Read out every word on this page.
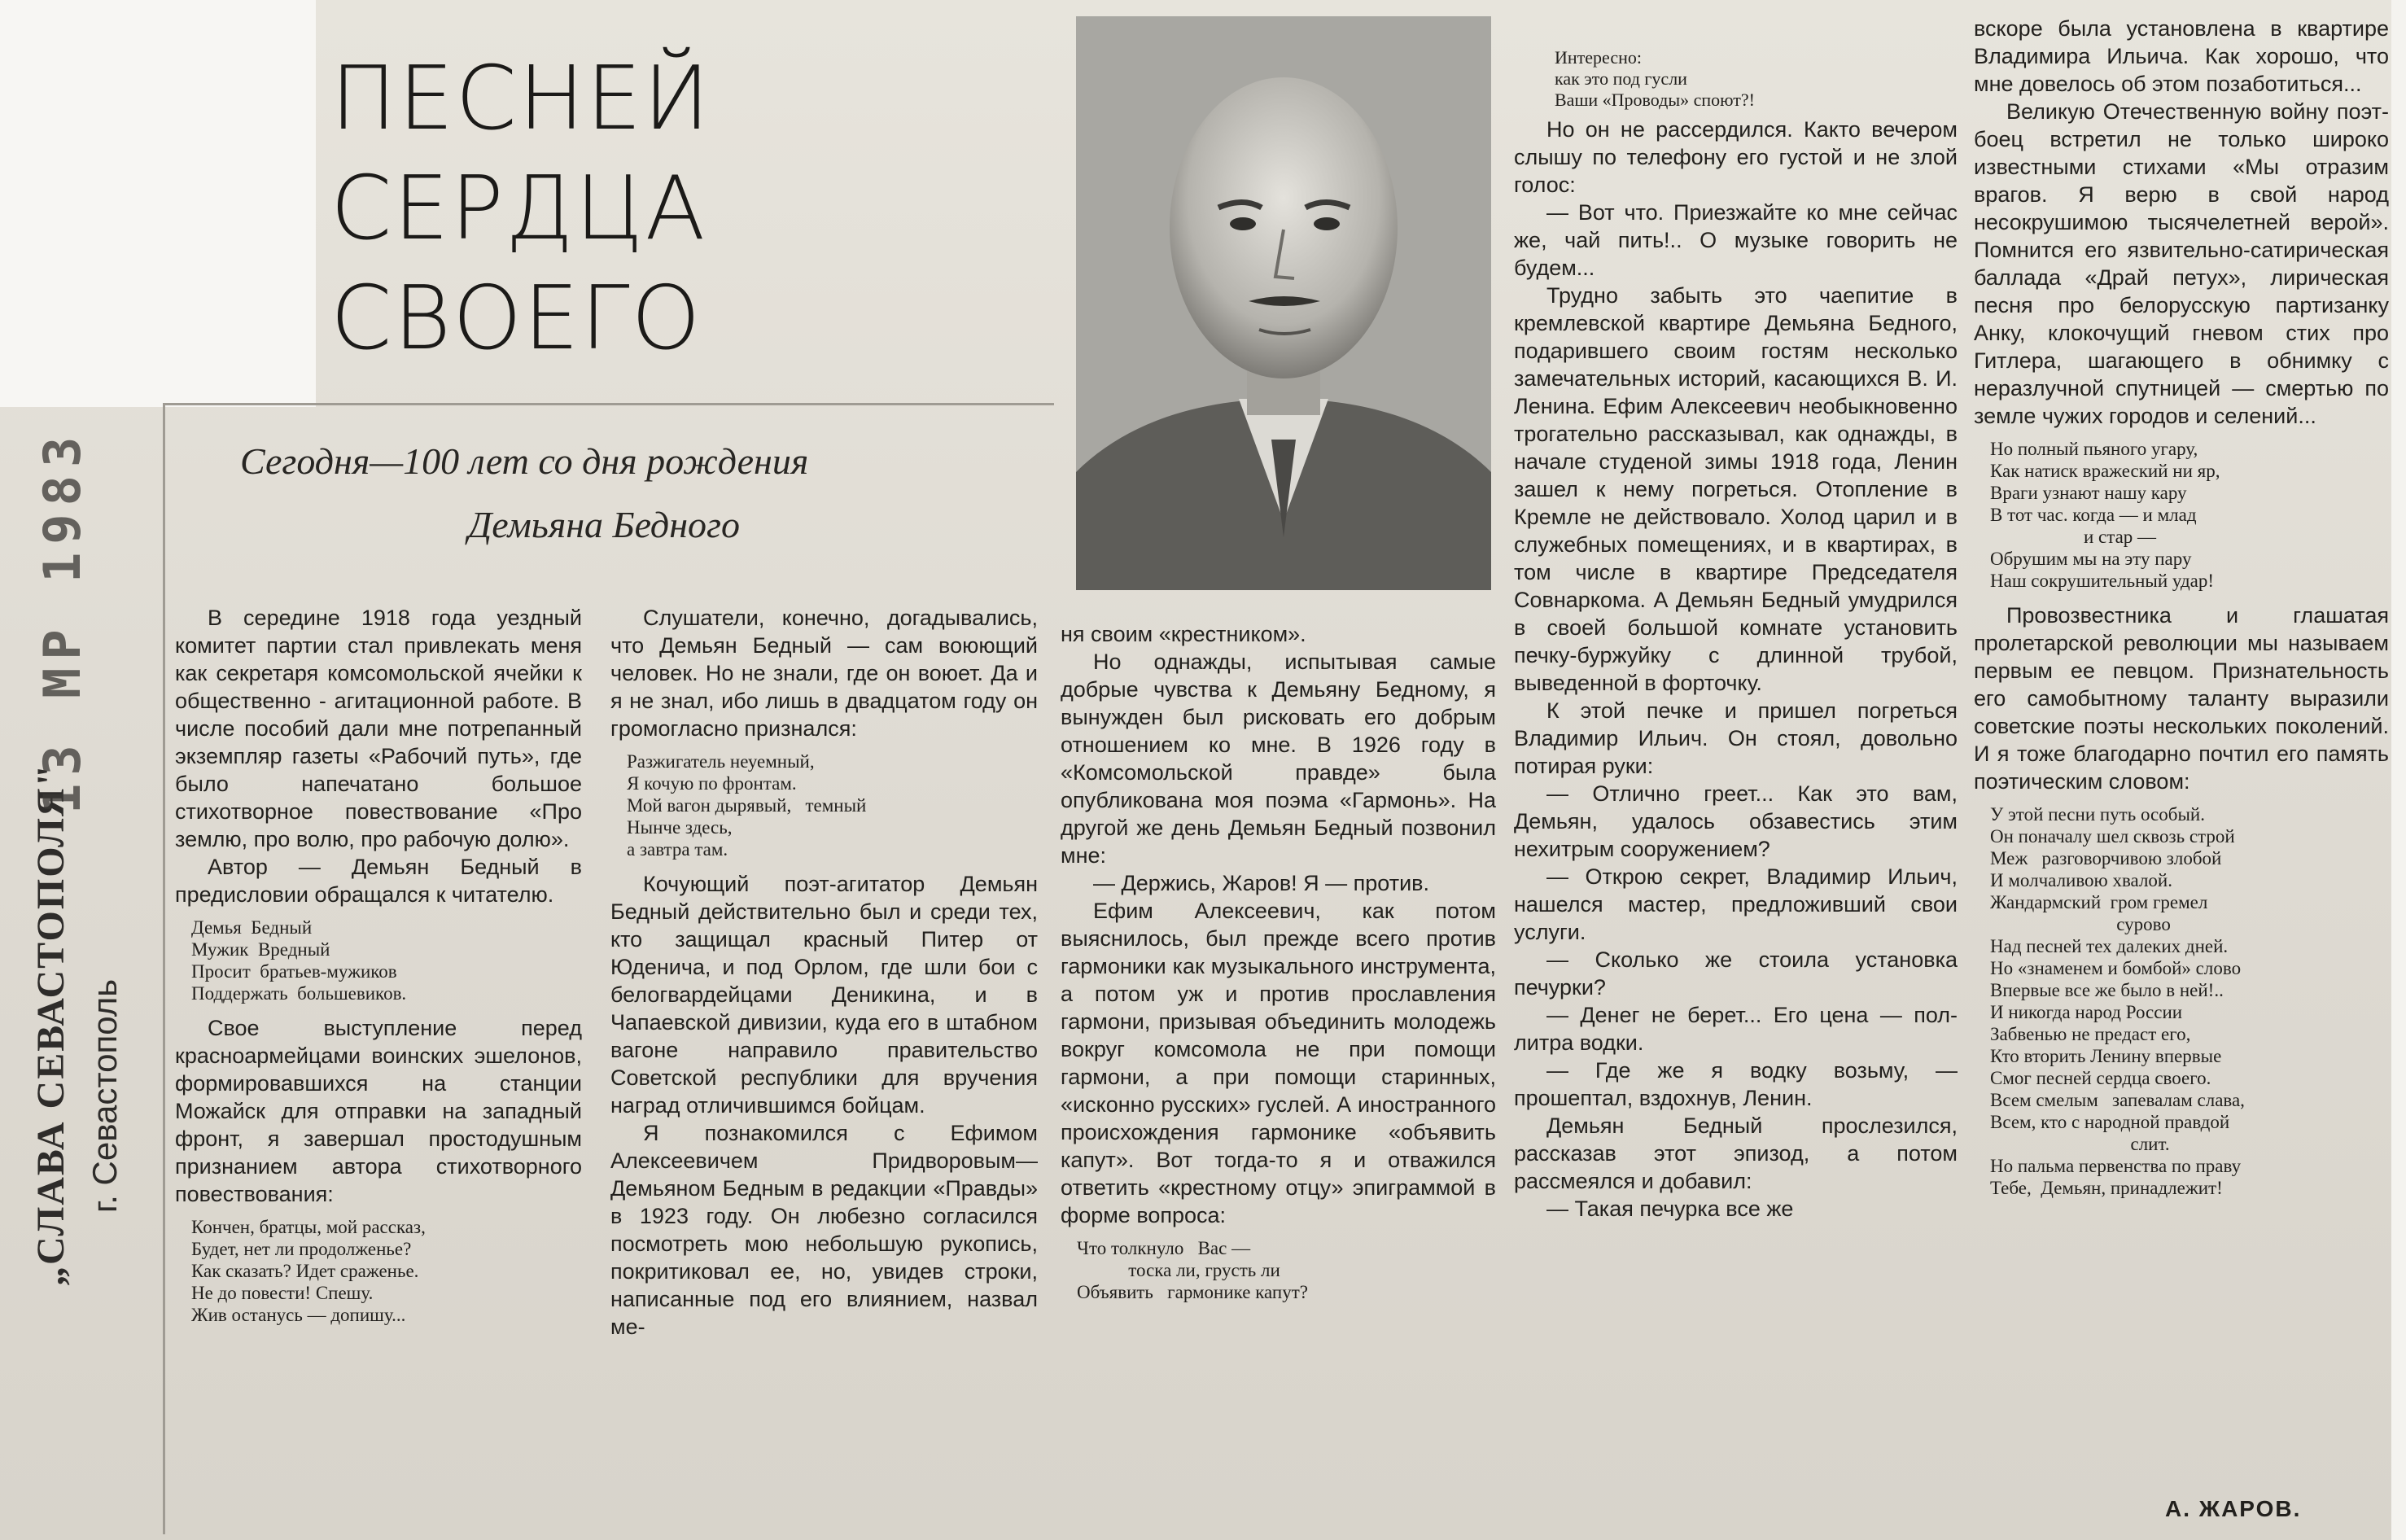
ПЕСНЕЙ
СЕРДЦА
СВОЕГО
Сегодня—100 лет со дня рождения
Демьяна Бедного
„СЛАВА СЕВАСТОПОЛЯ" г. Севастополь
13 МР 1983	В середине 1918 года уездный комитет партии стал привлекать меня как секретаря комсомольской ячейки к общественно - агитационной работе. В числе пособий дали мне потрепанный экземпляр газеты «Рабочий путь», где было напечатано большое стихотворное повествование «Про землю, про волю, про рабочую долю».

Автор — Демьян Бедный в предисловии обращался к читателю.

Демья  Бедный
Мужик  Вредный
Просит  братьев-мужиков
Поддержать  большевиков.

Свое выступление перед красноармейцами воинских эшелонов, формировавшихся на станции Можайск для отправки на западный фронт, я завершал простодушным признанием автора стихотворного повествования:

Кончен, братцы, мой рассказ,
Будет, нет ли продолженье?
Как сказать? Идет сраженье.
Не до повести! Спешу.
Жив останусь — допишу...

Слушатели, конечно, догадывались, что Демьян Бедный — сам воюющий человек. Но не знали, где он воюет. Да и я не знал, ибо лишь в двадцатом году он громогласно признался:

Разжигатель неуемный,
Я кочую по фронтам.
Мой вагон дырявый,   темный
Нынче здесь,
а завтра там.

Кочующий поэт-агитатор Демьян Бедный действительно был и среди тех, кто защищал красный Питер от Юденича, и под Орлом, где шли бои с белогвардейцами Деникина, и в Чапаевской дивизии, куда его в штабном вагоне направило правительство Советской республики для вручения наград отличившимся бойцам.

Я познакомился с Ефимом Алексеевичем Придворовым— Демьяном Бедным в редакции «Правды» в 1923 году. Он любезно согласился посмотреть мою небольшую рукопись, покритиковал ее, но, увидев строки, написанные под его влиянием, назвал ме-

ня своим «крестником».

Но однажды, испытывая самые добрые чувства к Демьяну Бедному, я вынужден был рисковать его добрым отношением ко мне. В 1926 году в «Комсомольской правде» была опубликована моя поэма «Гармонь». На другой же день Демьян Бедный позвонил мне:

— Держись, Жаров! Я — против.

Ефим Алексеевич, как потом выяснилось, был прежде всего против гармоники как музыкального инструмента, а потом уж и против прославления гармони, призывая объединить молодежь вокруг комсомола не при помощи гармони, а при помощи старинных, «исконно русских» гуслей. А иностранного происхождения гармонике «объявить капут». Вот тогда-то я и отважился ответить «крестному отцу» эпиграммой в форме вопроса:

Что толкнуло   Вас —
тоска ли, грусть ли
Объявить   гармонике капут?
Интересно:
как это под гусли
Ваши «Проводы» споют?!

Но он не рассердился. Както вечером слышу по телефону его густой и не злой голос:

— Вот что. Приезжайте ко мне сейчас же, чай пить!.. О музыке говорить не будем...

Трудно забыть это чаепитие в кремлевской квартире Демьяна Бедного, подарившего своим гостям несколько замечательных историй, касающихся В. И. Ленина. Ефим Алексеевич необыкновенно трогательно рассказывал, как однажды, в начале студеной зимы 1918 года, Ленин зашел к нему погреться. Отопление в Кремле не действовало. Холод царил и в служебных помещениях, и в квартирах, в том числе в квартире Председателя Совнаркома. А Демьян Бедный умудрился в своей большой комнате установить печку-буржуйку с длинной трубой, выведенной в форточку.

К этой печке и пришел погреться Владимир Ильич. Он стоял, довольно потирая руки:

— Отлично греет... Как это вам, Демьян, удалось обзавестись этим нехитрым сооружением?

— Открою секрет, Владимир Ильич, нашелся мастер, предложивший свои услуги.

— Сколько же стоила установка печурки?

— Денег не берет... Его цена — пол-литра водки.

— Где же я водку возьму, — прошептал, вздохнув, Ленин.

Демьян Бедный прослезился, рассказав этот эпизод, а потом рассмеялся и добавил:

— Такая печурка все же

вскоре была установлена в квартире Владимира Ильича. Как хорошо, что мне довелось об этом позаботиться...

Великую Отечественную войну поэт-боец встретил не только широко известными стихами «Мы отразим врагов. Я верю в свой народ несокрушимою тысячелетней верой». Помнится его язвительно-сатирическая баллада «Драй петух», лирическая песня про белорусскую партизанку Анку, клокочущий гневом стих про Гитлера, шагающего в обнимку с неразлучной спутницей — смертью по земле чужих городов и селений...

Но полный пьяного угару,
Как натиск вражеский ни яр,
Враги узнают нашу кару
В тот час. когда — и млад
и стар —
Обрушим мы на эту пару
Наш сокрушительный удар!

Провозвестника и глашатая пролетарской революции мы называем первым ее певцом. Признательность его самобытному таланту выразили советские поэты нескольких поколений. И я тоже благодарно почтил его память поэтическим словом:

У этой песни путь особый.
Он поначалу шел сквозь строй
Меж   разговорчивою злобой
И молчаливою хвалой.
Жандармский  гром гремел
сурово
Над песней тех далеких дней.
Но «знаменем и бомбой» слово
Впервые все же было в ней!..
И никогда народ России
Забвенью не предаст его,
Кто вторить Ленину впервые
Смог песней сердца своего.
Всем смелым   запевалам слава,
Всем, кто с народной правдой
слит.
Но пальма первенства по праву
Тебе,  Демьян, принадлежит!
А. ЖАРОВ.
